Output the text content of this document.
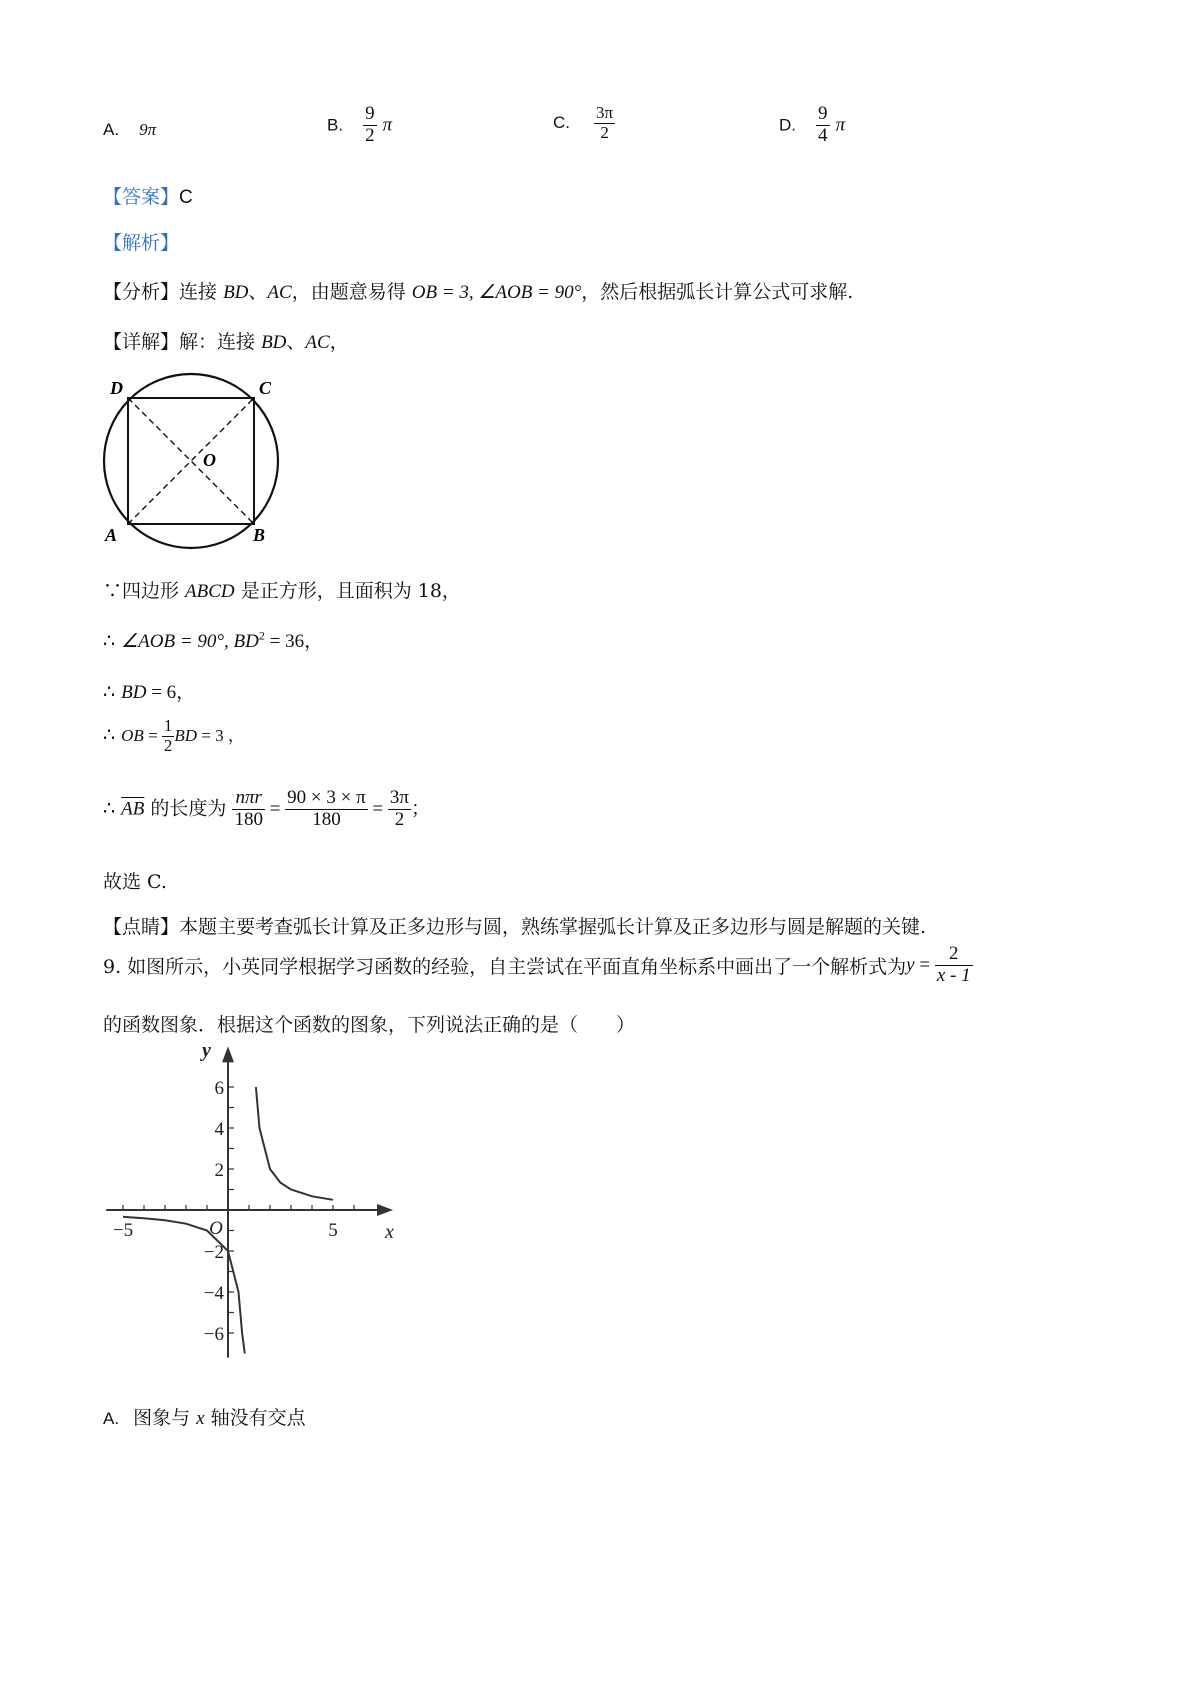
A. 9π	B. $\frac{9}{2}$ π	C. $\frac{3\pi}{2}$	D. $\frac{9}{4}$ π
【答案】C
【解析】
【分析】连接 BD、AC，由题意易得 OB = 3, ∠AOB = 90°，然后根据弧长计算公式可求解.
【详解】解：连接 BD、AC，
D	C
O
A	B
∵四边形 ABCD 是正方形，且面积为 18，
∴ ∠AOB = 90°, $BD^2 = 36$，
∴ BD = 6，
∴ OB = $\frac{1}{2}$ BD = 3 ，
∴ $\overline{AB}$ 的长度为 $\frac{\text{nπr}}{180} = \frac{90 \times 3 \times \pi}{180} = \frac{3\pi}{2}$ ；
故选 C.
【点睛】本题主要考查弧长计算及正多边形与圆，熟练掌握弧长计算及正多边形与圆是解题的关键.
9. 如图所示，小英同学根据学习函数的经验，自主尝试在平面直角坐标系中画出了一个解析式为$y = \frac{2}{x - 1}$
的函数图象．根据这个函数的图象，下列说法正确的是（　　）
−5	5
6
4
2
−2
−4
−6
O	x
y
A. 图象与 x 轴没有交点
